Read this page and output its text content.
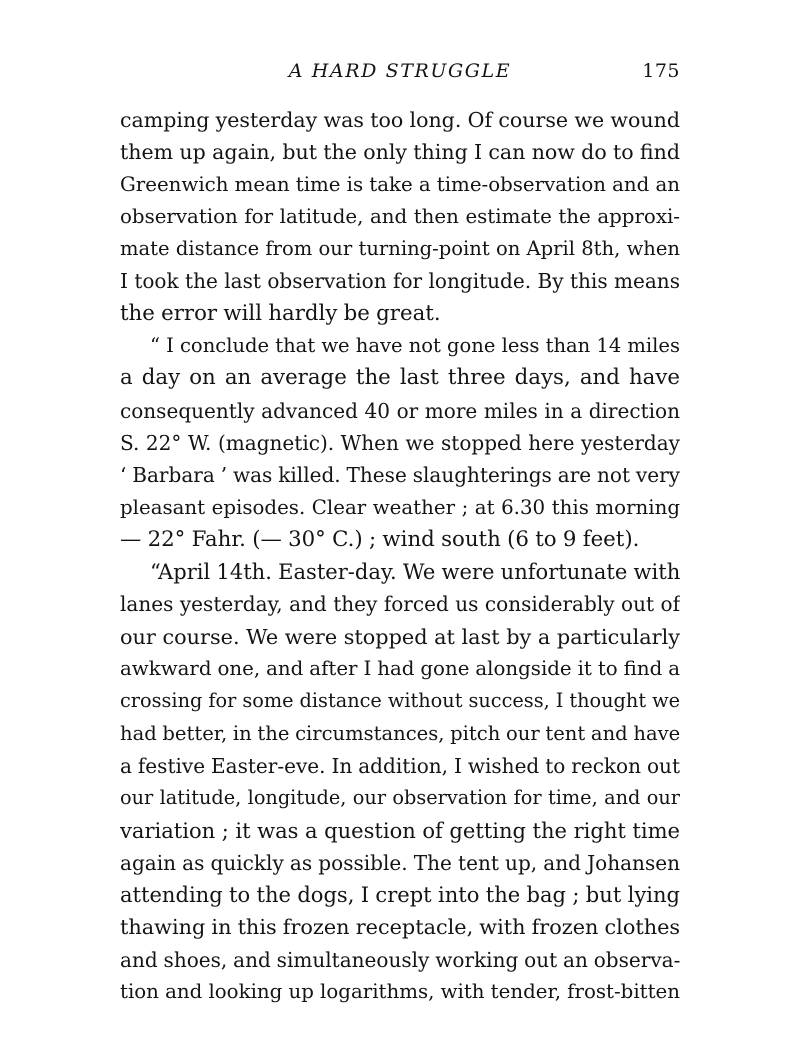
A HARD STRUGGLE	175
camping yesterday was too long. Of course we wound
them up again, but the only thing I can now do to find
Greenwich mean time is take a time-observation and an
observation for latitude, and then estimate the approxi-
mate distance from our turning-point on April 8th, when
I took the last observation for longitude. By this means
the error will hardly be great.
“ I conclude that we have not gone less than 14 miles
a day on an average the last three days, and have
consequently advanced 40 or more miles in a direction
S. 22° W. (magnetic). When we stopped here yesterday
‘ Barbara ’ was killed. These slaughterings are not very
pleasant episodes. Clear weather ; at 6.30 this morning
— 22° Fahr. (— 30° C.) ; wind south (6 to 9 feet).
“April 14th. Easter-day. We were unfortunate with
lanes yesterday, and they forced us considerably out of
our course. We were stopped at last by a particularly
awkward one, and after I had gone alongside it to find a
crossing for some distance without success, I thought we
had better, in the circumstances, pitch our tent and have
a festive Easter-eve. In addition, I wished to reckon out
our latitude, longitude, our observation for time, and our
variation ; it was a question of getting the right time
again as quickly as possible. The tent up, and Johansen
attending to the dogs, I crept into the bag ; but lying
thawing in this frozen receptacle, with frozen clothes
and shoes, and simultaneously working out an observa-
tion and looking up logarithms, with tender, frost-bitten
